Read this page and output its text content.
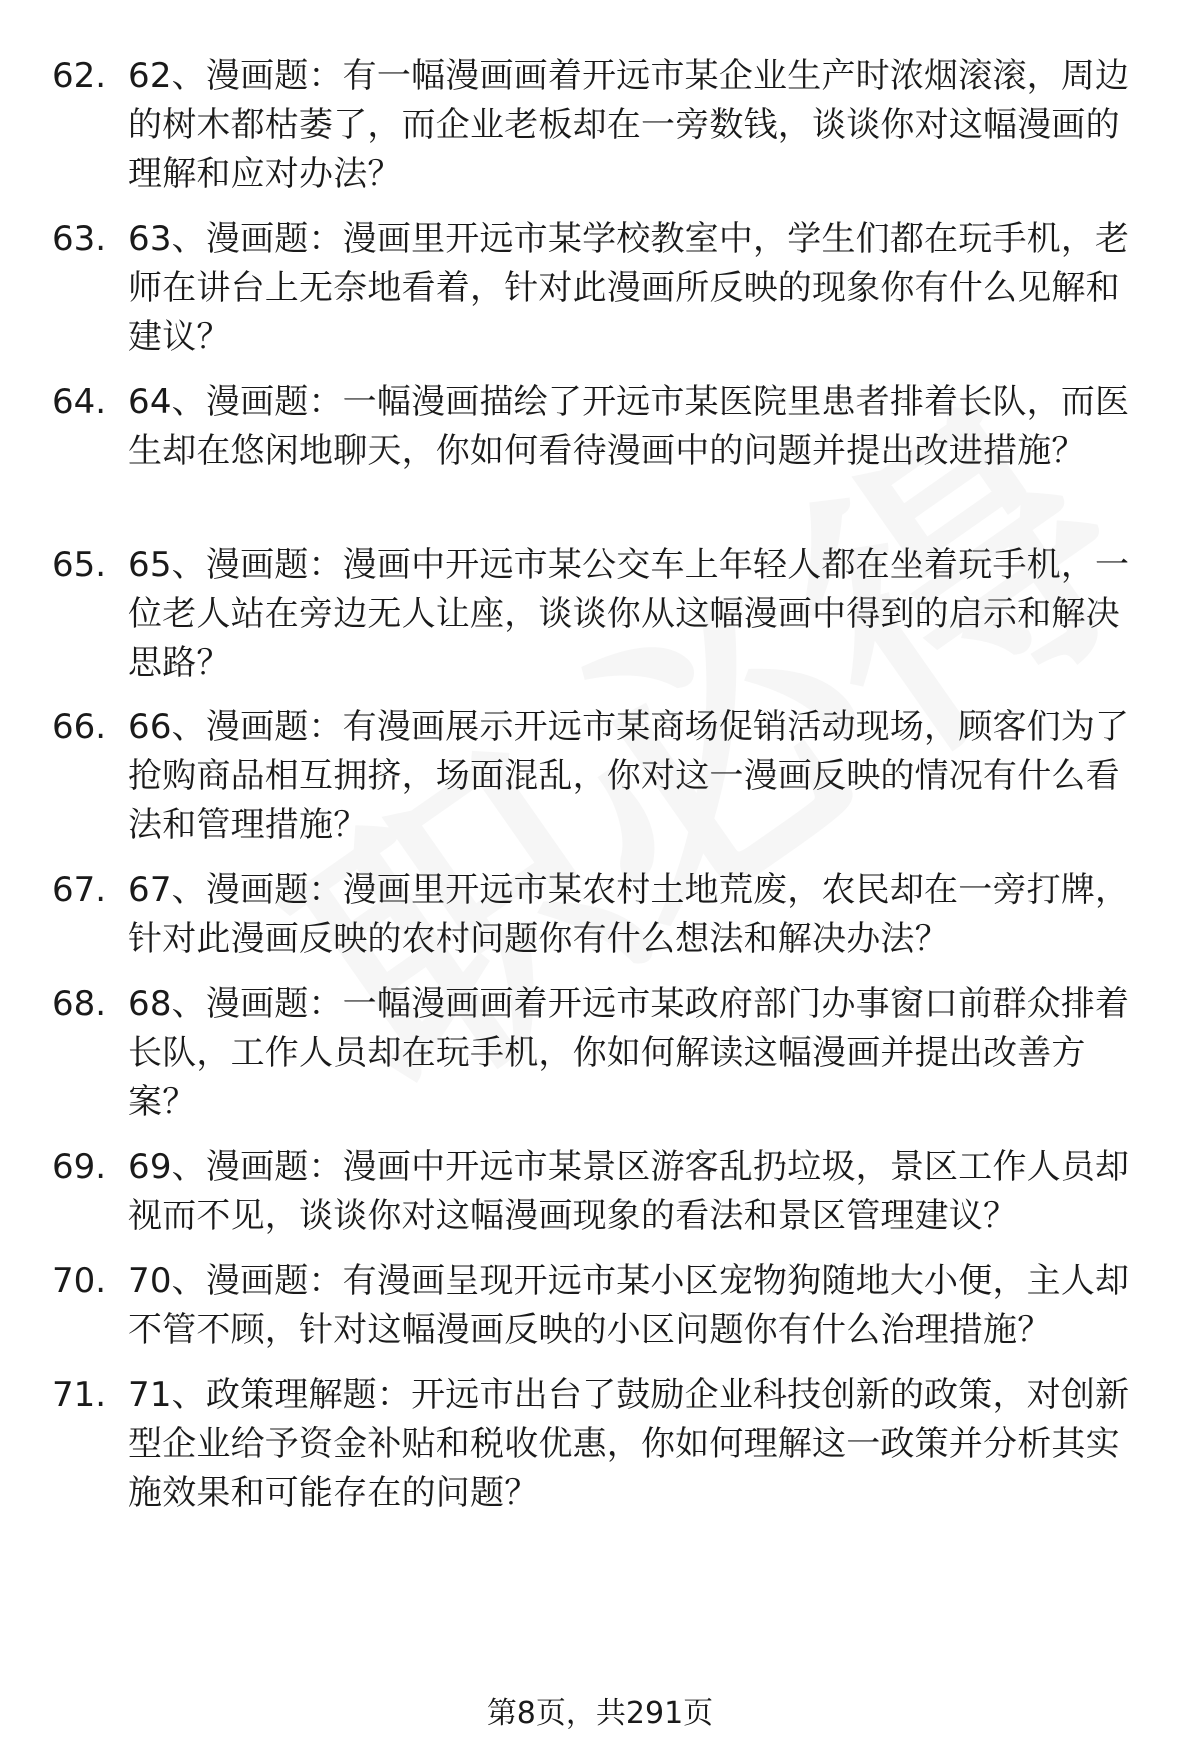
62. 62、漫画题：有一幅漫画画着开远市某企业生产时浓烟滚滚，周边的树木都枯萎了，而企业老板却在一旁数钱，谈谈你对这幅漫画的理解和应对办法？
63. 63、漫画题：漫画里开远市某学校教室中，学生们都在玩手机，老师在讲台上无奈地看着，针对此漫画所反映的现象你有什么见解和建议？
64. 64、漫画题：一幅漫画描绘了开远市某医院里患者排着长队，而医生却在悠闲地聊天，你如何看待漫画中的问题并提出改进措施？
65. 65、漫画题：漫画中开远市某公交车上年轻人都在坐着玩手机，一位老人站在旁边无人让座，谈谈你从这幅漫画中得到的启示和解决思路？
66. 66、漫画题：有漫画展示开远市某商场促销活动现场，顾客们为了抢购商品相互拥挤，场面混乱，你对这一漫画反映的情况有什么看法和管理措施？
67. 67、漫画题：漫画里开远市某农村土地荒废，农民却在一旁打牌，针对此漫画反映的农村问题你有什么想法和解决办法？
68. 68、漫画题：一幅漫画画着开远市某政府部门办事窗口前群众排着长队，工作人员却在玩手机，你如何解读这幅漫画并提出改善方案？
69. 69、漫画题：漫画中开远市某景区游客乱扔垃圾，景区工作人员却视而不见，谈谈你对这幅漫画现象的看法和景区管理建议？
70. 70、漫画题：有漫画呈现开远市某小区宠物狗随地大小便，主人却不管不顾，针对这幅漫画反映的小区问题你有什么治理措施？
71. 71、政策理解题：开远市出台了鼓励企业科技创新的政策，对创新型企业给予资金补贴和税收优惠，你如何理解这一政策并分析其实施效果和可能存在的问题？
第8页，共291页
